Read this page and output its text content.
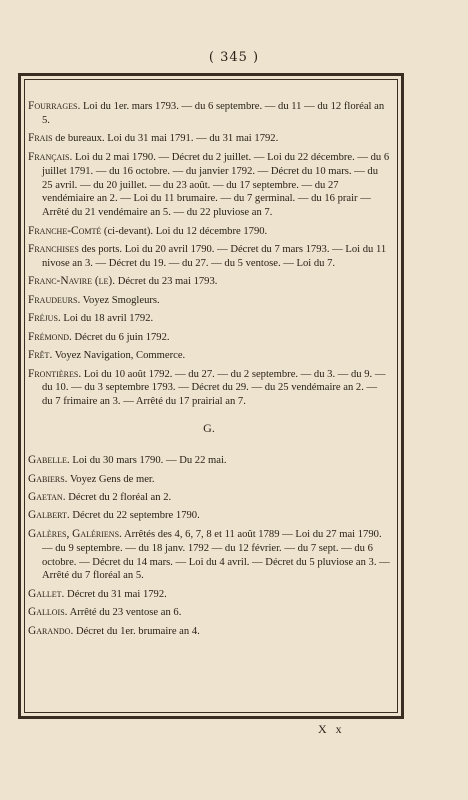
( 345 )

Fourrages. Loi du 1er. mars 1793. — du 6 septembre. — du 11 — du 12 floréal an 5.

Frais de bureaux. Loi du 31 mai 1791. — du 31 mai 1792.

Français. Loi du 2 mai 1790. — Décret du 2 juillet. — Loi du 22 décembre. — du 6 juillet 1791. — du 16 octobre. — du janvier 1792. — Décret du 10 mars. — du 25 avril. — du 20 juillet. — du 23 août. — du 17 septembre. — du 27 vendémiaire an 2. — Loi du 11 brumaire. — du 7 germinal. — du 16 prair — Arrêté du 21 vendémaire an 5. — du 22 pluviose an 7.

Franche-Comté (ci-devant). Loi du 12 décembre 1790.

Franchises des ports. Loi du 20 avril 1790. — Décret du 7 mars 1793. — Loi du 11 nivose an 3. — Décret du 19. — du 27. — du 5 ventose. — Loi du 7.

Franc-Navire (le). Décret du 23 mai 1793.

Fraudeurs. Voyez Smogleurs.

Fréjus. Loi du 18 avril 1792.

Frémond. Décret du 6 juin 1792.

Frêt. Voyez Navigation, Commerce.

Frontières. Loi du 10 août 1792. — du 27. — du 2 septembre. — du 3. — du 9. — du 10. — du 3 septembre 1793. — Décret du 29. — du 25 vendémaire an 2. — du 7 frimaire an 3. — Arrêté du 17 prairial an 7.

G.

Gabelle. Loi du 30 mars 1790. — Du 22 mai.

Gabiers. Voyez Gens de mer.

Gaetan. Décret du 2 floréal an 2.

Galbert. Décret du 22 septembre 1790.

Galères, Galériens. Arrêtés des 4, 6, 7, 8 et 11 août 1789 — Loi du 27 mai 1790. — du 9 septembre. — du 18 janv. 1792 — du 12 février. — du 7 sept. — du 6 octobre. — Décret du 14 mars. — Loi du 4 avril. — Décret du 5 pluviose an 3. — Arrêté du 7 floréal an 5.

Gallet. Décret du 31 mai 1792.

Gallois. Arrêté du 23 ventose an 6.

Garando. Décret du 1er. brumaire an 4.

X x
